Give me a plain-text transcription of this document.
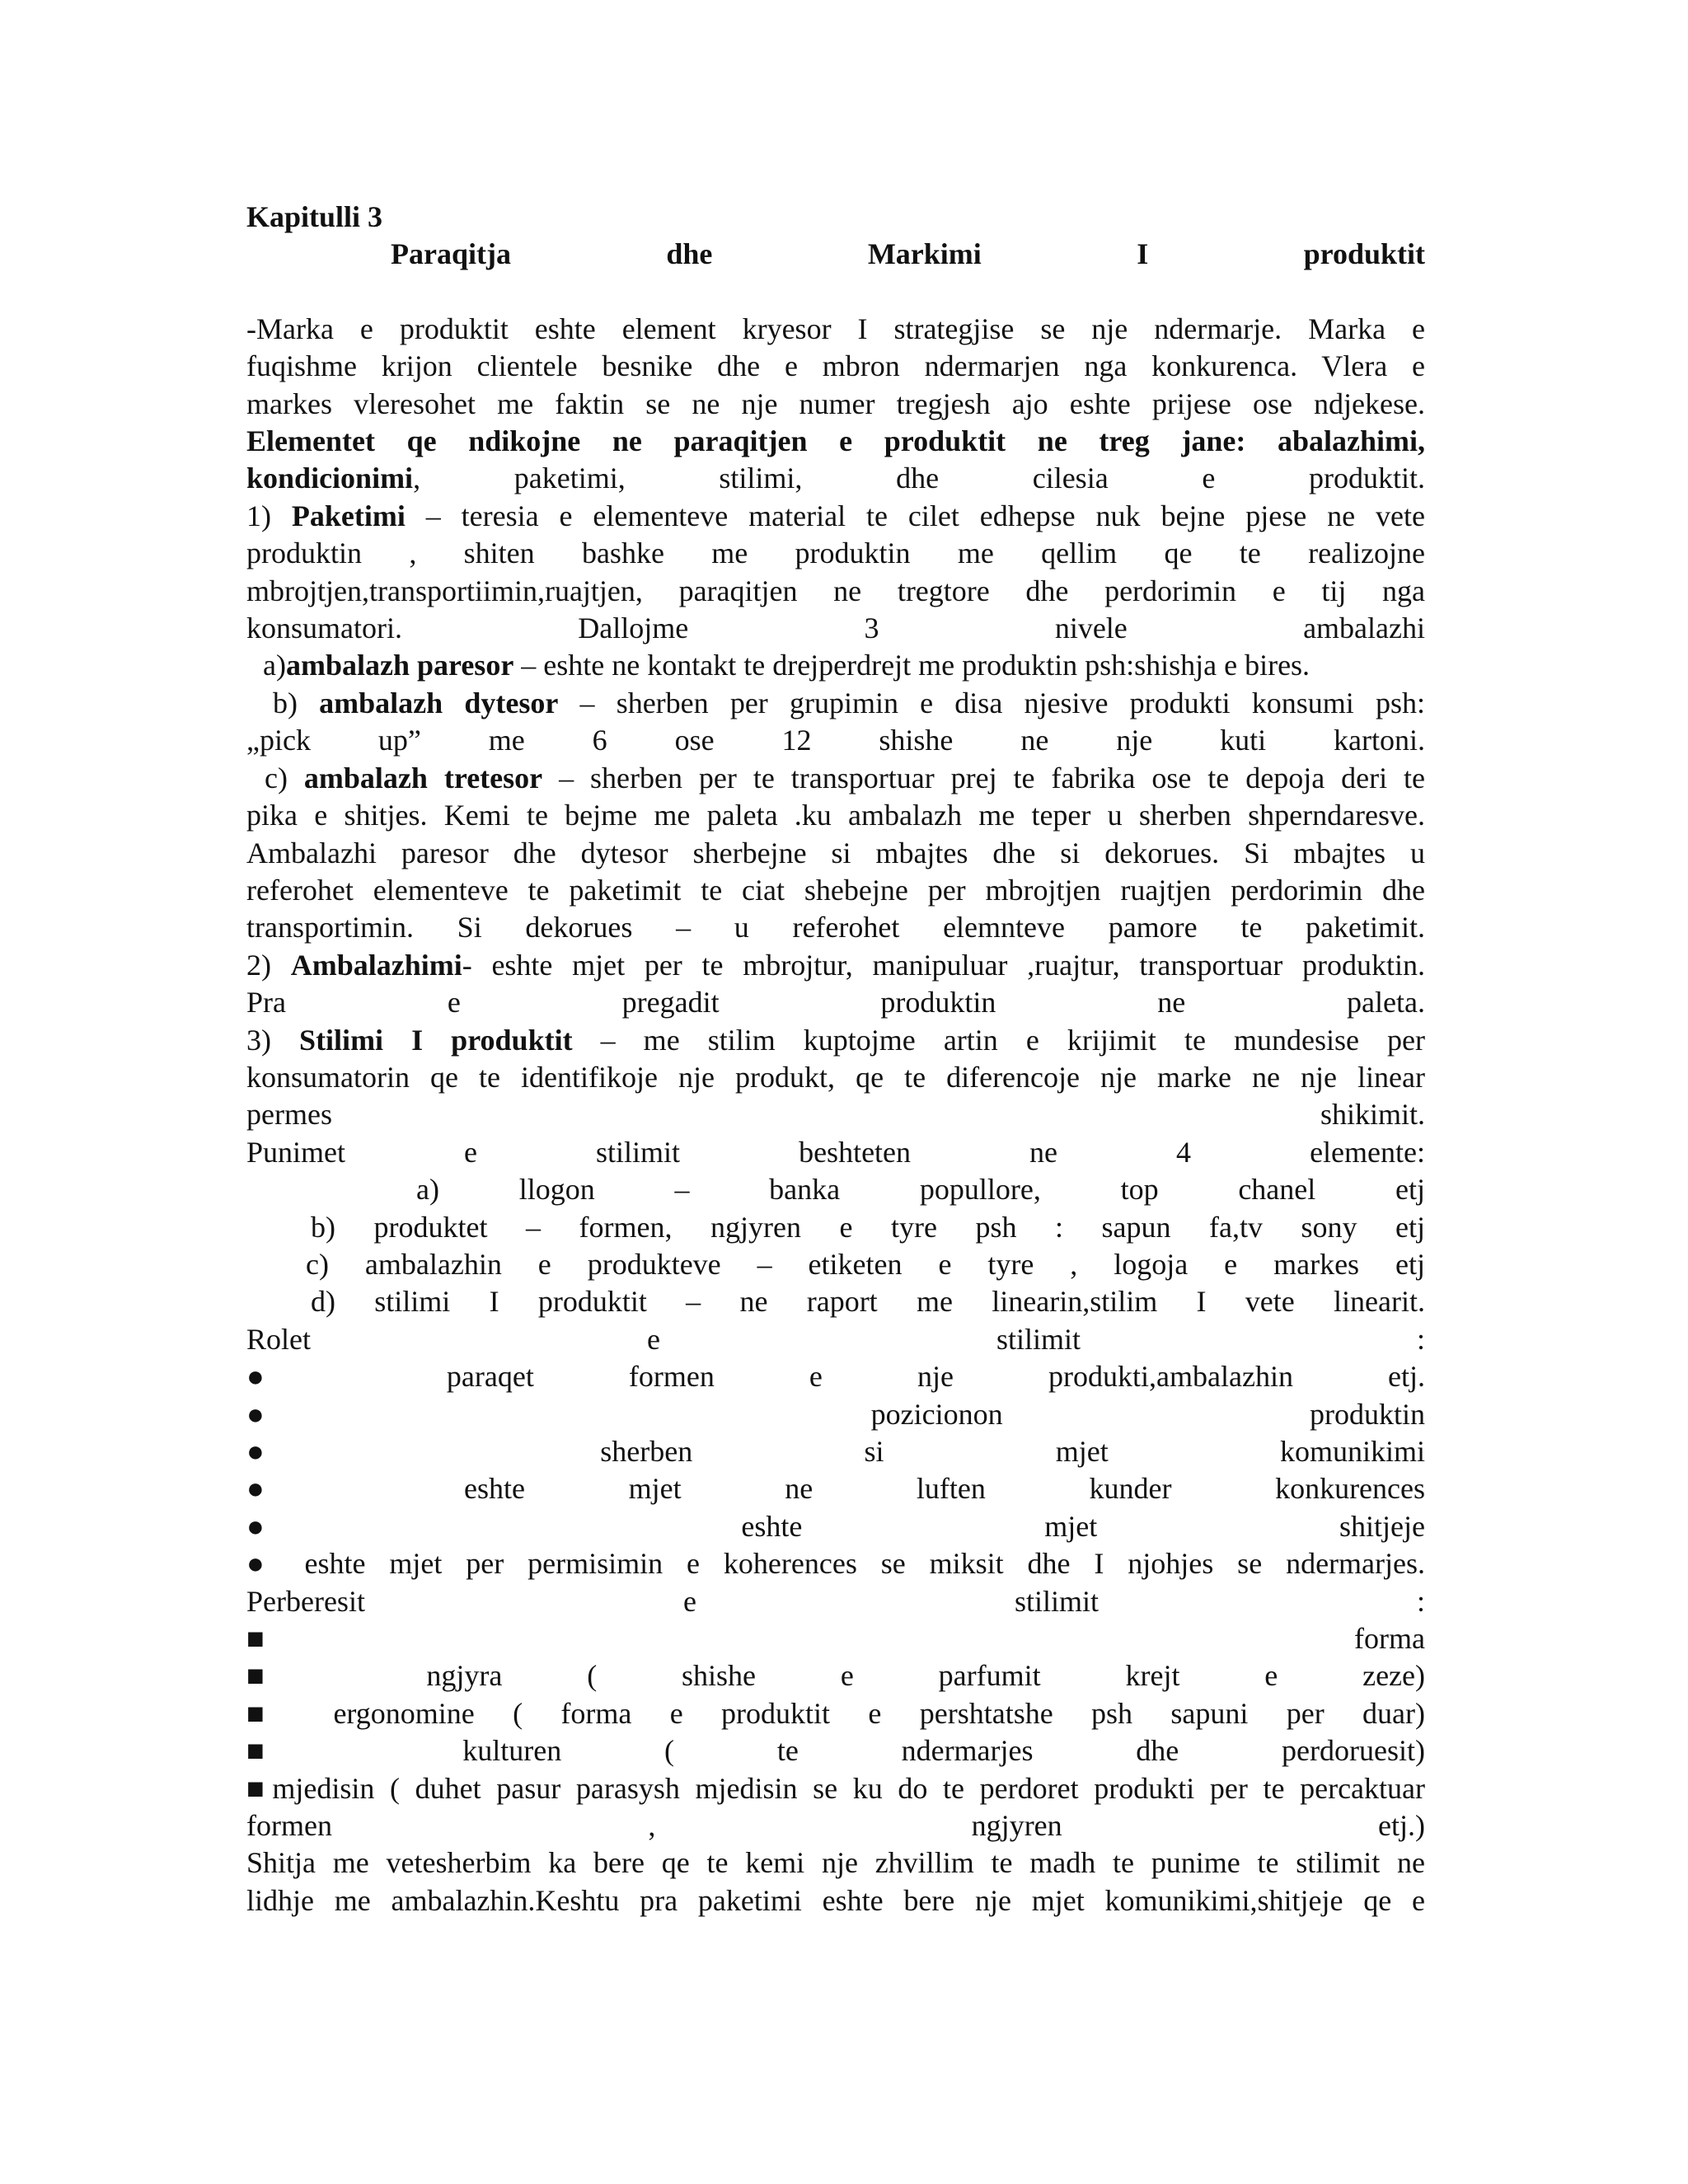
Kapitulli 3
Paraqitja	dhe	Markimi	I	produktit
-Marka e produktit eshte element kryesor I strategjise se nje ndermarje. Marka e
fuqishme krijon clientele besnike dhe e mbron ndermarjen nga konkurenca. Vlera e
markes vleresohet me faktin se ne nje numer tregjesh ajo eshte prijese ose ndjekese.
Elementet qe ndikojne ne paraqitjen e produktit ne treg jane: abalazhimi,
kondicionimi, paketimi, stilimi, dhe cilesia e produktit.
1) Paketimi – teresia e elementeve material te cilet edhepse nuk bejne pjese ne vete
produktin , shiten bashke me produktin me qellim qe te realizojne
mbrojtjen,transportiimin,ruajtjen, paraqitjen ne tregtore dhe perdorimin e tij nga
konsumatori. Dallojme 3 nivele ambalazhi
a)ambalazh paresor – eshte ne kontakt te drejperdrejt me produktin psh:shishja e bires.
b) ambalazh dytesor – sherben per grupimin e disa njesive produkti konsumi psh:
„pick up” me 6 ose 12 shishe ne nje kuti kartoni.
c) ambalazh tretesor – sherben per te transportuar prej te fabrika ose te depoja deri te
pika e shitjes. Kemi te bejme me paleta .ku ambalazh me teper u sherben shperndaresve.
Ambalazhi paresor dhe dytesor sherbejne si mbajtes dhe si dekorues. Si mbajtes u
referohet elementeve te paketimit te ciat shebejne per mbrojtjen ruajtjen perdorimin dhe
transportimin. Si dekorues – u referohet elemnteve pamore te paketimit.
2) Ambalazhimi- eshte mjet per te mbrojtur, manipuluar ,ruajtur, transportuar produktin.
Pra e pregadit produktin ne paleta.
3) Stilimi I produktit – me stilim kuptojme artin e krijimit te mundesise per
konsumatorin qe te identifikoje nje produkt, qe te diferencoje nje marke ne nje linear
permes shikimit.
Punimet e stilimit beshteten ne 4 elemente:
a) llogon – banka popullore, top chanel etj
b) produktet – formen, ngjyren e tyre psh : sapun fa,tv sony etj
c) ambalazhin e produkteve – etiketen e tyre , logoja e markes etj
d) stilimi I produktit – ne raport me linearin,stilim I vete linearit.
Rolet e stilimit :
● paraqet formen e nje produkti,ambalazhin etj.
● pozicionon produktin
● sherben si mjet komunikimi
● eshte mjet ne luften kunder konkurences
● eshte mjet shitjeje
● eshte mjet per permisimin e koherences se miksit dhe I njohjes se ndermarjes.
Perberesit e stilimit :
■ forma
■ ngjyra ( shishe e parfumit krejt e zeze)
■ ergonomine ( forma e produktit e pershtatshe psh sapuni per duar)
■ kulturen ( te ndermarjes dhe perdoruesit)
■mjedisin ( duhet pasur parasysh mjedisin se ku do te perdoret produkti per te percaktuar
formen , ngjyren etj.)
Shitja me vetesherbim ka bere qe te kemi nje zhvillim te madh te punime te stilimit ne
lidhje me ambalazhin.Keshtu pra paketimi eshte bere nje mjet komunikimi,shitjeje qe e
